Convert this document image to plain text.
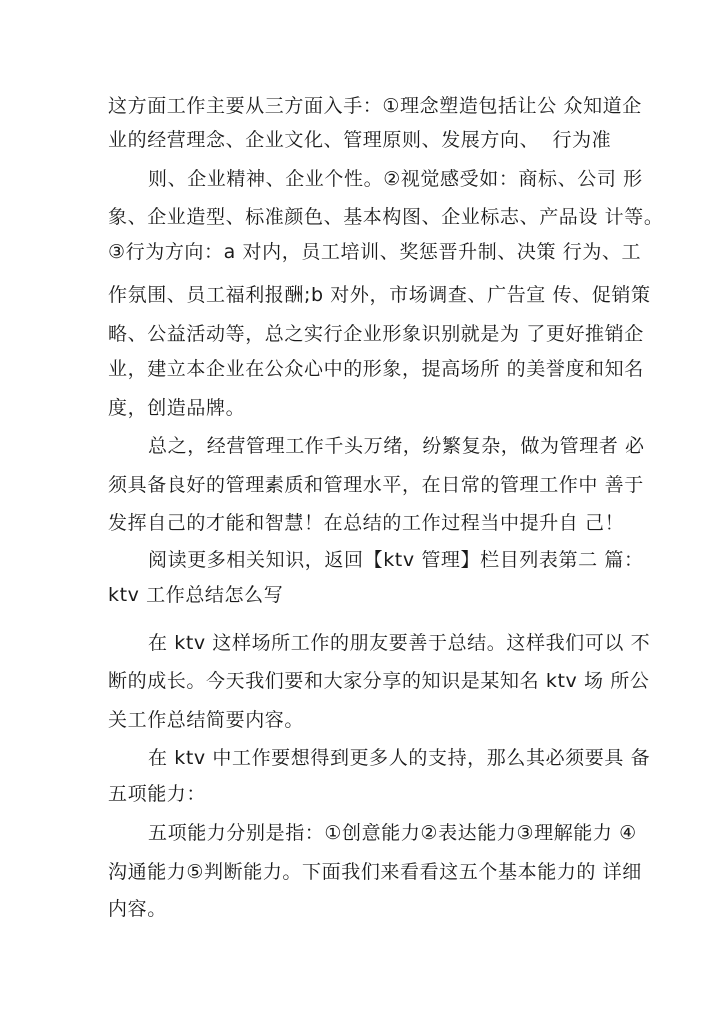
这方面工作主要从三方面入手：①理念塑造包括让公 众知道企
业的经营理念、企业文化、管理原则、发展方向、  行为准
则、企业精神、企业个性。②视觉感受如：商标、公司 形
象、企业造型、标准颜色、基本构图、企业标志、产品设 计等。
③行为方向：a 对内，员工培训、奖惩晋升制、决策 行为、工
作氛围、员工福利报酬;b 对外，市场调查、广告宣 传、促销策
略、公益活动等，总之实行企业形象识别就是为 了更好推销企
业，建立本企业在公众心中的形象，提高场所 的美誉度和知名
度，创造品牌。
总之，经营管理工作千头万绪，纷繁复杂，做为管理者 必
须具备良好的管理素质和管理水平，在日常的管理工作中 善于
发挥自己的才能和智慧！在总结的工作过程当中提升自 己！
阅读更多相关知识，返回【ktv 管理】栏目列表第二 篇：
ktv 工作总结怎么写
在 ktv 这样场所工作的朋友要善于总结。这样我们可以 不
断的成长。今天我们要和大家分享的知识是某知名 ktv 场 所公
关工作总结简要内容。
在 ktv 中工作要想得到更多人的支持，那么其必须要具 备
五项能力：
五项能力分别是指：①创意能力②表达能力③理解能力 ④
沟通能力⑤判断能力。下面我们来看看这五个基本能力的 详细
内容。
